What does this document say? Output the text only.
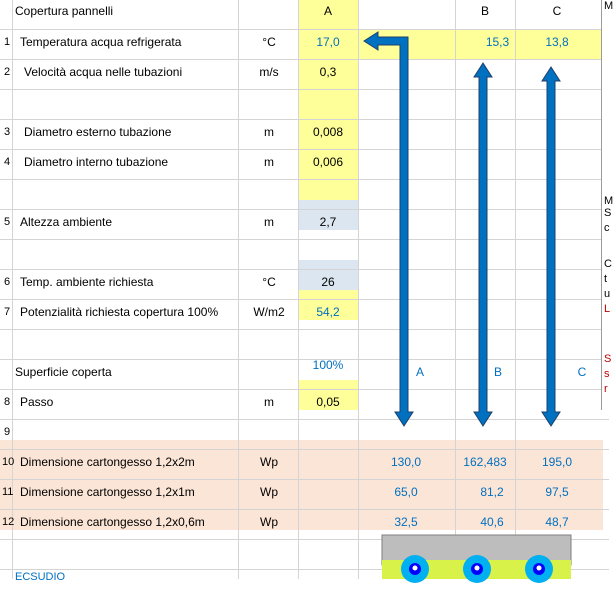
Copertura pannelli	A	B	C
1 Temperatura acqua refrigerata	°C	17,0	15,3	13,8
2	Velocità acqua nelle tubazioni	m/s	0,3
3	Diametro esterno tubazione	m	0,008
4	Diametro interno tubazione	m	0,006
5 Altezza ambiente	m	2,7
6 Temp. ambiente richiesta	°C	26
7 Potenzialità richiesta copertura 100%	W/m2	54,2
Superficie coperta	100%	A	B	C
8 Passo	m	0,05
9
10 Dimensione cartongesso 1,2x2m	Wp	130,0	162,483	195,0
11 Dimensione cartongesso 1,2x1m	Wp	65,0	81,2	97,5
12 Dimensione cartongesso 1,2x0,6m	Wp	32,5	40,6	48,7
ECSUDIO
M
M
S
c
C
t
u
L
S
s
r
